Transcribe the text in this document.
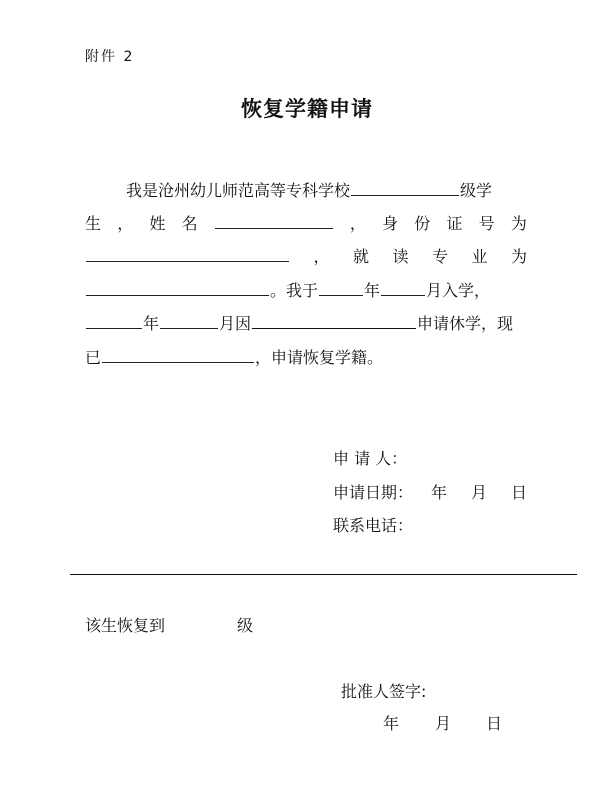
附件 2
恢复学籍申请
我是沧州幼儿师范高等专科学校	级学
生 ， 姓 名	， 身 份 证 号 为
， 就 读 专 业 为
。我于	年	月入学，
年	月因	申请休学，现
已	，申请恢复学籍。
申 请 人：
申请日期： 年 月 日
联系电话：
该生恢复到	级
批准人签字:
年 月 日
